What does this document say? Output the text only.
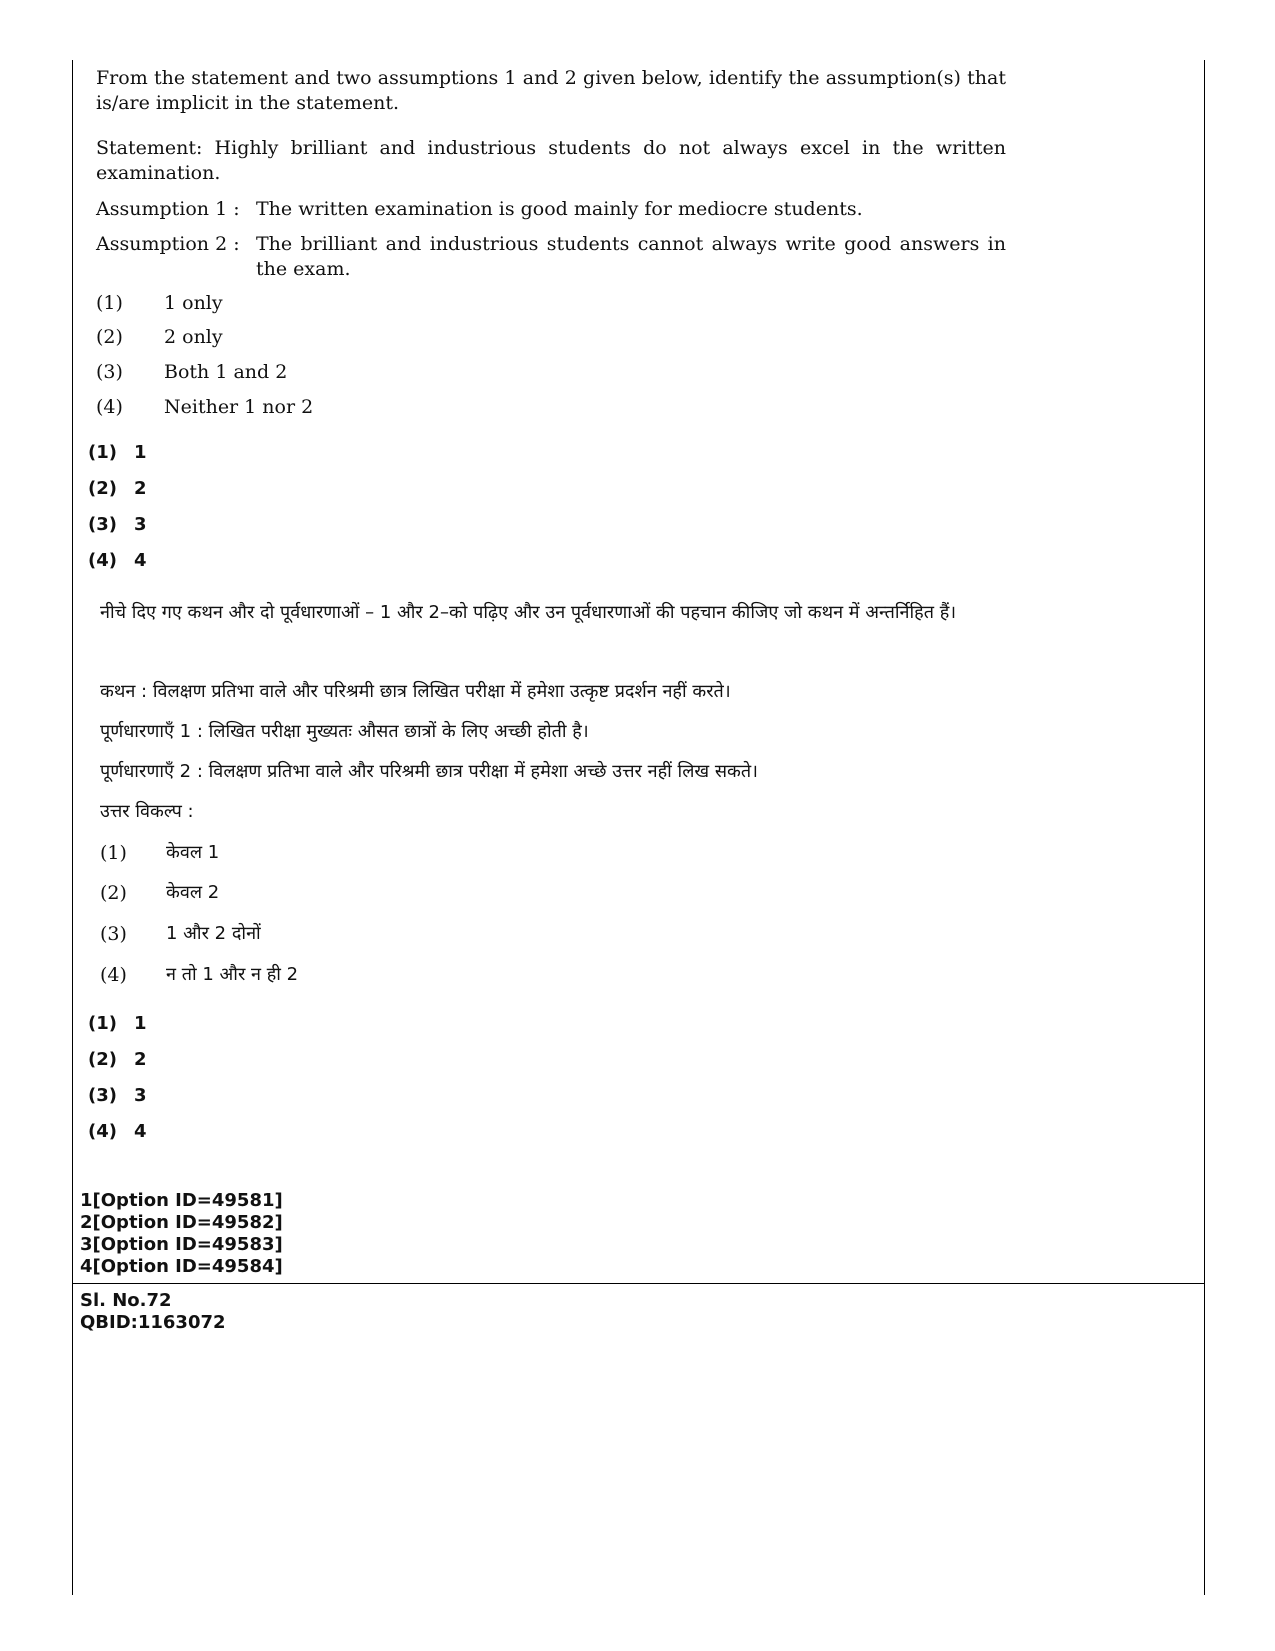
From the statement and two assumptions 1 and 2 given below, identify the assumption(s) that is/are implicit in the statement.
Statement: Highly brilliant and industrious students do not always excel in the written examination.
Assumption 1 : The written examination is good mainly for mediocre students.
Assumption 2 : The brilliant and industrious students cannot always write good answers in the exam.
(1) 1 only
(2) 2 only
(3) Both 1 and 2
(4) Neither 1 nor 2
(1) 1
(2) 2
(3) 3
(4) 4
नीचे दिए गए कथन और दो पूर्वधारणाओं – 1 और 2–को पढ़िए और उन पूर्वधारणाओं की पहचान कीजिए जो कथन में अन्तर्निहित हैं।
कथन : विलक्षण प्रतिभा वाले और परिश्रमी छात्र लिखित परीक्षा में हमेशा उत्कृष्ट प्रदर्शन नहीं करते।
पूर्णधारणाएँ 1 : लिखित परीक्षा मुख्यतः औसत छात्रों के लिए अच्छी होती है।
पूर्णधारणाएँ 2 : विलक्षण प्रतिभा वाले और परिश्रमी छात्र परीक्षा में हमेशा अच्छे उत्तर नहीं लिख सकते।
उत्तर विकल्प :
(1) केवल 1
(2) केवल 2
(3) 1 और 2 दोनों
(4) न तो 1 और न ही 2
(1) 1
(2) 2
(3) 3
(4) 4
1[Option ID=49581]
2[Option ID=49582]
3[Option ID=49583]
4[Option ID=49584]
Sl. No.72
QBID:1163072
